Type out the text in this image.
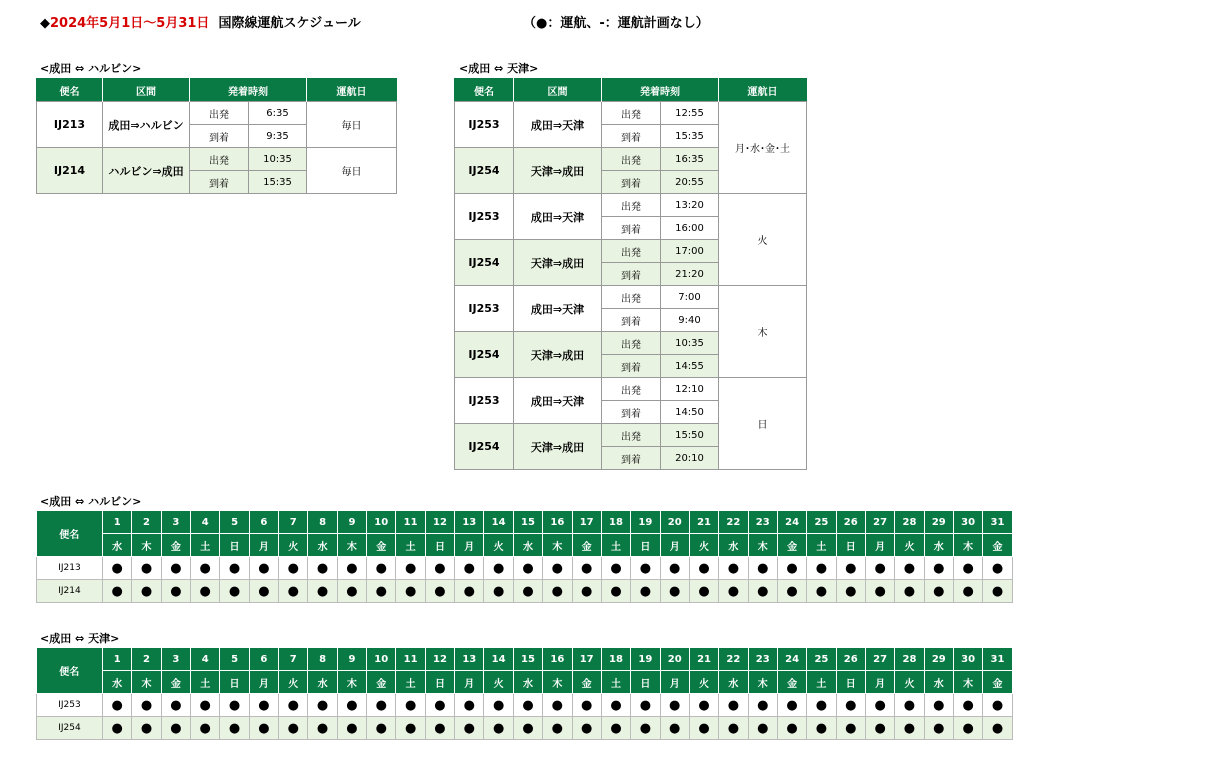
◆2024年5月1日～5月31日 国際線運航スケジュール	（●：運航、-：運航計画なし）
<成田 ⇔ ハルビン>
便名	区間	発着時刻		運航日
IJ213	成田⇒ハルビン	出発	6:35	毎日
		到着	9:35	
IJ214	ハルビン⇒成田	出発	10:35	毎日
		到着	15:35	
<成田 ⇔ 天津>
便名	区間	発着時刻		運航日
IJ253	成田⇒天津	出発	12:55	月･水･金･土
		到着	15:35	
IJ254	天津⇒成田	出発	16:35	
		到着	20:55	
IJ253	成田⇒天津	出発	13:20	火
		到着	16:00	
IJ254	天津⇒成田	出発	17:00	
		到着	21:20	
IJ253	成田⇒天津	出発	7:00	木
		到着	9:40	
IJ254	天津⇒成田	出発	10:35	
		到着	14:55	
IJ253	成田⇒天津	出発	12:10	日
		到着	14:50	
IJ254	天津⇒成田	出発	15:50	
		到着	20:10	
<成田 ⇔ ハルビン>
便名	1	2	3	4	5	6	7	8	9	10	11	12	13	14	15	16	17	18	19	20	21	22	23	24	25	26	27	28	29	30	31
	水	木	金	土	日	月	火	水	木	金	土	日	月	火	水	木	金	土	日	月	火	水	木	金	土	日	月	火	水	木	金
IJ213	●	●	●	●	●	●	●	●	●	●	●	●	●	●	●	●	●	●	●	●	●	●	●	●	●	●	●	●	●	●	●
IJ214	●	●	●	●	●	●	●	●	●	●	●	●	●	●	●	●	●	●	●	●	●	●	●	●	●	●	●	●	●	●	●
<成田 ⇔ 天津>
便名	1	2	3	4	5	6	7	8	9	10	11	12	13	14	15	16	17	18	19	20	21	22	23	24	25	26	27	28	29	30	31
	水	木	金	土	日	月	火	水	木	金	土	日	月	火	水	木	金	土	日	月	火	水	木	金	土	日	月	火	水	木	金
IJ253	●	●	●	●	●	●	●	●	●	●	●	●	●	●	●	●	●	●	●	●	●	●	●	●	●	●	●	●	●	●	●
IJ254	●	●	●	●	●	●	●	●	●	●	●	●	●	●	●	●	●	●	●	●	●	●	●	●	●	●	●	●	●	●	●
